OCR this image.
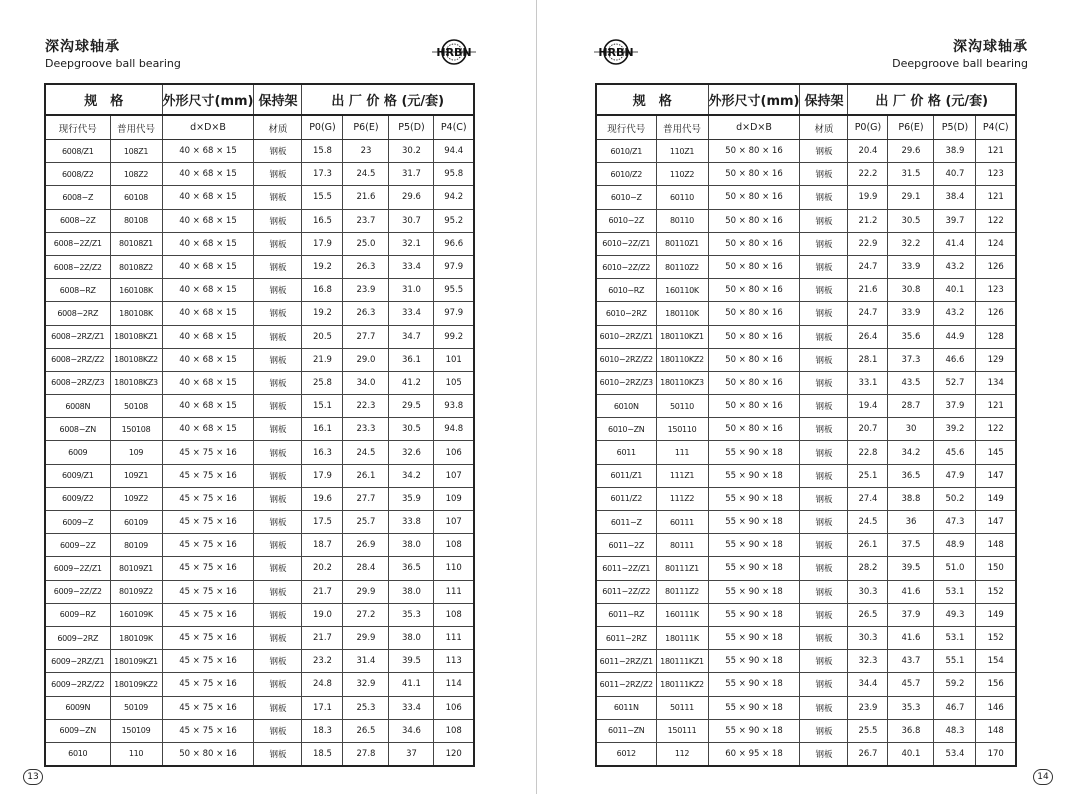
深沟球轴承
Deepgroove ball bearing
HRBN
规　格		外形尺寸(mm)	保持架	出 厂 价 格 (元/套)			
现行代号	普用代号	d×D×B	材质	P0(G)	P6(E)	P5(D)	P4(C)
6008/Z1	108Z1	40 × 68 × 15	钢板	15.8	23	30.2	94.4
6008/Z2	108Z2	40 × 68 × 15	钢板	17.3	24.5	31.7	95.8
6008−Z	60108	40 × 68 × 15	钢板	15.5	21.6	29.6	94.2
6008−2Z	80108	40 × 68 × 15	钢板	16.5	23.7	30.7	95.2
6008−2Z/Z1	80108Z1	40 × 68 × 15	钢板	17.9	25.0	32.1	96.6
6008−2Z/Z2	80108Z2	40 × 68 × 15	钢板	19.2	26.3	33.4	97.9
6008−RZ	160108K	40 × 68 × 15	钢板	16.8	23.9	31.0	95.5
6008−2RZ	180108K	40 × 68 × 15	钢板	19.2	26.3	33.4	97.9
6008−2RZ/Z1	180108KZ1	40 × 68 × 15	钢板	20.5	27.7	34.7	99.2
6008−2RZ/Z2	180108KZ2	40 × 68 × 15	钢板	21.9	29.0	36.1	101
6008−2RZ/Z3	180108KZ3	40 × 68 × 15	钢板	25.8	34.0	41.2	105
6008N	50108	40 × 68 × 15	钢板	15.1	22.3	29.5	93.8
6008−ZN	150108	40 × 68 × 15	钢板	16.1	23.3	30.5	94.8
6009	109	45 × 75 × 16	钢板	16.3	24.5	32.6	106
6009/Z1	109Z1	45 × 75 × 16	钢板	17.9	26.1	34.2	107
6009/Z2	109Z2	45 × 75 × 16	钢板	19.6	27.7	35.9	109
6009−Z	60109	45 × 75 × 16	钢板	17.5	25.7	33.8	107
6009−2Z	80109	45 × 75 × 16	钢板	18.7	26.9	38.0	108
6009−2Z/Z1	80109Z1	45 × 75 × 16	钢板	20.2	28.4	36.5	110
6009−2Z/Z2	80109Z2	45 × 75 × 16	钢板	21.7	29.9	38.0	111
6009−RZ	160109K	45 × 75 × 16	钢板	19.0	27.2	35.3	108
6009−2RZ	180109K	45 × 75 × 16	钢板	21.7	29.9	38.0	111
6009−2RZ/Z1	180109KZ1	45 × 75 × 16	钢板	23.2	31.4	39.5	113
6009−2RZ/Z2	180109KZ2	45 × 75 × 16	钢板	24.8	32.9	41.1	114
6009N	50109	45 × 75 × 16	钢板	17.1	25.3	33.4	106
6009−ZN	150109	45 × 75 × 16	钢板	18.3	26.5	34.6	108
6010	110	50 × 80 × 16	钢板	18.5	27.8	37	120
13
深沟球轴承
Deepgroove ball bearing
HRBN
规　格		外形尺寸(mm)	保持架	出 厂 价 格 (元/套)			
现行代号	普用代号	d×D×B	材质	P0(G)	P6(E)	P5(D)	P4(C)
6010/Z1	110Z1	50 × 80 × 16	钢板	20.4	29.6	38.9	121
6010/Z2	110Z2	50 × 80 × 16	钢板	22.2	31.5	40.7	123
6010−Z	60110	50 × 80 × 16	钢板	19.9	29.1	38.4	121
6010−2Z	80110	50 × 80 × 16	钢板	21.2	30.5	39.7	122
6010−2Z/Z1	80110Z1	50 × 80 × 16	钢板	22.9	32.2	41.4	124
6010−2Z/Z2	80110Z2	50 × 80 × 16	钢板	24.7	33.9	43.2	126
6010−RZ	160110K	50 × 80 × 16	钢板	21.6	30.8	40.1	123
6010−2RZ	180110K	50 × 80 × 16	钢板	24.7	33.9	43.2	126
6010−2RZ/Z1	180110KZ1	50 × 80 × 16	钢板	26.4	35.6	44.9	128
6010−2RZ/Z2	180110KZ2	50 × 80 × 16	钢板	28.1	37.3	46.6	129
6010−2RZ/Z3	180110KZ3	50 × 80 × 16	钢板	33.1	43.5	52.7	134
6010N	50110	50 × 80 × 16	钢板	19.4	28.7	37.9	121
6010−ZN	150110	50 × 80 × 16	钢板	20.7	30	39.2	122
6011	111	55 × 90 × 18	钢板	22.8	34.2	45.6	145
6011/Z1	111Z1	55 × 90 × 18	钢板	25.1	36.5	47.9	147
6011/Z2	111Z2	55 × 90 × 18	钢板	27.4	38.8	50.2	149
6011−Z	60111	55 × 90 × 18	钢板	24.5	36	47.3	147
6011−2Z	80111	55 × 90 × 18	钢板	26.1	37.5	48.9	148
6011−2Z/Z1	80111Z1	55 × 90 × 18	钢板	28.2	39.5	51.0	150
6011−2Z/Z2	80111Z2	55 × 90 × 18	钢板	30.3	41.6	53.1	152
6011−RZ	160111K	55 × 90 × 18	钢板	26.5	37.9	49.3	149
6011−2RZ	180111K	55 × 90 × 18	钢板	30.3	41.6	53.1	152
6011−2RZ/Z1	180111KZ1	55 × 90 × 18	钢板	32.3	43.7	55.1	154
6011−2RZ/Z2	180111KZ2	55 × 90 × 18	钢板	34.4	45.7	59.2	156
6011N	50111	55 × 90 × 18	钢板	23.9	35.3	46.7	146
6011−ZN	150111	55 × 90 × 18	钢板	25.5	36.8	48.3	148
6012	112	60 × 95 × 18	钢板	26.7	40.1	53.4	170
14
